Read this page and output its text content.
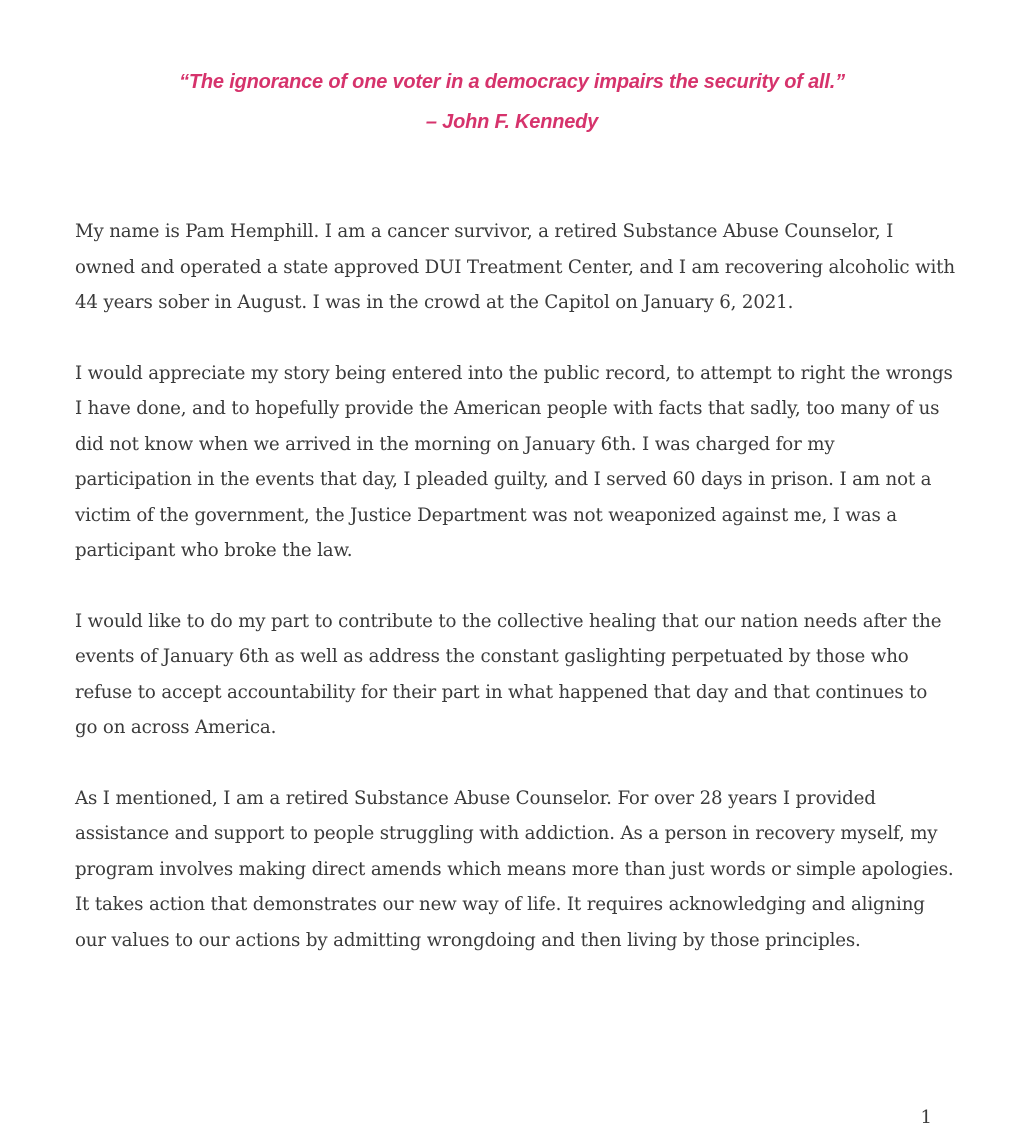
“The ignorance of one voter in a democracy impairs the security of all.”

– John F. Kennedy

My name is Pam Hemphill. I am a cancer survivor, a retired Substance Abuse Counselor, I owned and operated a state approved DUI Treatment Center, and I am recovering alcoholic with 44 years sober in August. I was in the crowd at the Capitol on January 6, 2021.

I would appreciate my story being entered into the public record, to attempt to right the wrongs I have done, and to hopefully provide the American people with facts that sadly, too many of us did not know when we arrived in the morning on January 6th. I was charged for my participation in the events that day, I pleaded guilty, and I served 60 days in prison. I am not a victim of the government, the Justice Department was not weaponized against me, I was a participant who broke the law.

I would like to do my part to contribute to the collective healing that our nation needs after the events of January 6th as well as address the constant gaslighting perpetuated by those who refuse to accept accountability for their part in what happened that day and that continues to go on across America.

As I mentioned, I am a retired Substance Abuse Counselor. For over 28 years I provided assistance and support to people struggling with addiction. As a person in recovery myself, my program involves making direct amends which means more than just words or simple apologies. It takes action that demonstrates our new way of life. It requires acknowledging and aligning our values to our actions by admitting wrongdoing and then living by those principles.

1
